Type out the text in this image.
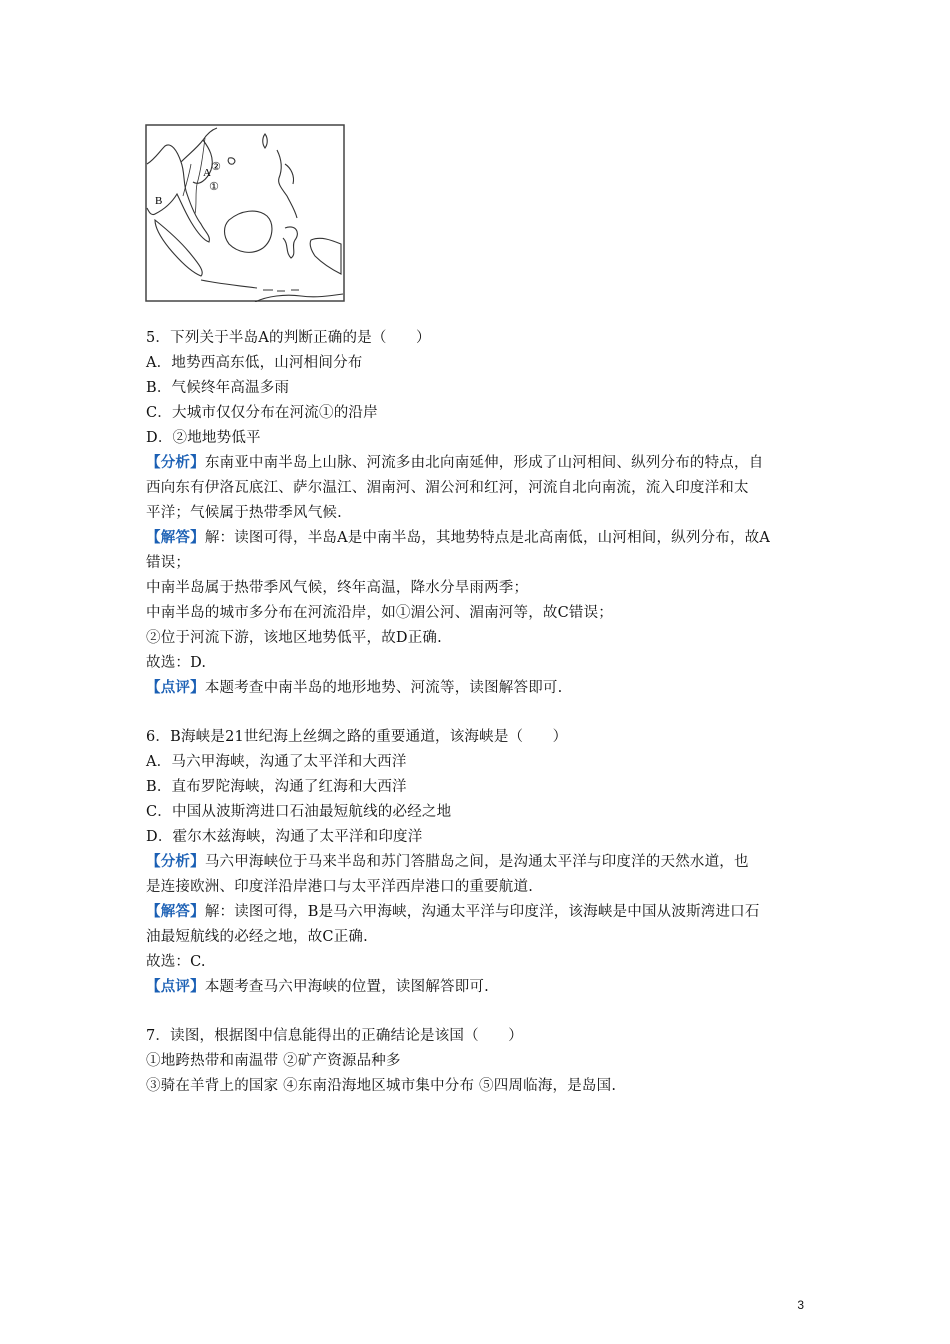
A
B
①
②
5．下列关于半岛A的判断正确的是（　　）
A．地势西高东低，山河相间分布
B．气候终年高温多雨
C．大城市仅仅分布在河流①的沿岸
D．②地地势低平
【分析】东南亚中南半岛上山脉、河流多由北向南延伸，形成了山河相间、纵列分布的特点，自
西向东有伊洛瓦底江、萨尔温江、湄南河、湄公河和红河，河流自北向南流，流入印度洋和太
平洋；气候属于热带季风气候.
【解答】解：读图可得，半岛A是中南半岛，其地势特点是北高南低，山河相间，纵列分布，故A
错误；
中南半岛属于热带季风气候，终年高温，降水分旱雨两季；
中南半岛的城市多分布在河流沿岸，如①湄公河、湄南河等，故C错误；
②位于河流下游，该地区地势低平，故D正确.
故选：D.
【点评】本题考查中南半岛的地形地势、河流等，读图解答即可.
6．B海峡是21世纪海上丝绸之路的重要通道，该海峡是（　　）
A．马六甲海峡，沟通了太平洋和大西洋
B．直布罗陀海峡，沟通了红海和大西洋
C．中国从波斯湾进口石油最短航线的必经之地
D．霍尔木兹海峡，沟通了太平洋和印度洋
【分析】马六甲海峡位于马来半岛和苏门答腊岛之间，是沟通太平洋与印度洋的天然水道，也
是连接欧洲、印度洋沿岸港口与太平洋西岸港口的重要航道.
【解答】解：读图可得，B是马六甲海峡，沟通太平洋与印度洋，该海峡是中国从波斯湾进口石
油最短航线的必经之地，故C正确.
故选：C.
【点评】本题考查马六甲海峡的位置，读图解答即可.
7．读图，根据图中信息能得出的正确结论是该国（　　）
①地跨热带和南温带 ②矿产资源品种多
③骑在羊背上的国家 ④东南沿海地区城市集中分布 ⑤四周临海，是岛国.
3
